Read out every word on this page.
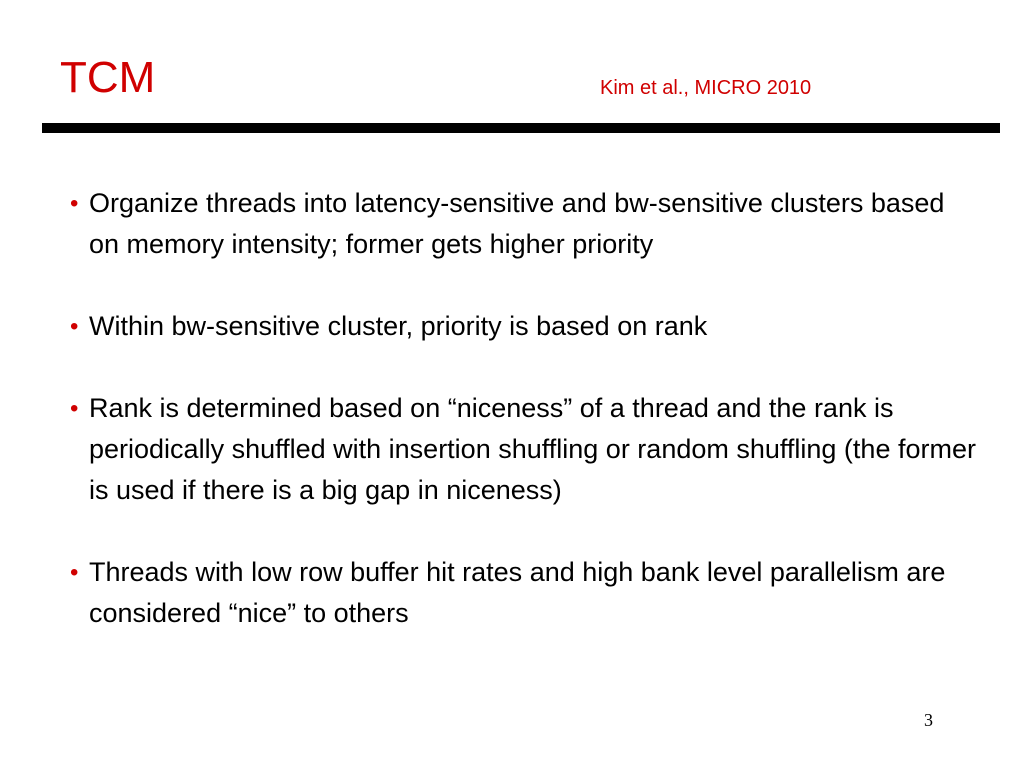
TCM	Kim et al., MICRO 2010
• Organize threads into latency-sensitive and bw-sensitive clusters based on memory intensity; former gets higher priority
• Within bw-sensitive cluster, priority is based on rank
• Rank is determined based on “niceness” of a thread and the rank is periodically shuffled with insertion shuffling or random shuffling (the former is used if there is a big gap in niceness)
• Threads with low row buffer hit rates and high bank level parallelism are considered “nice” to others
3
